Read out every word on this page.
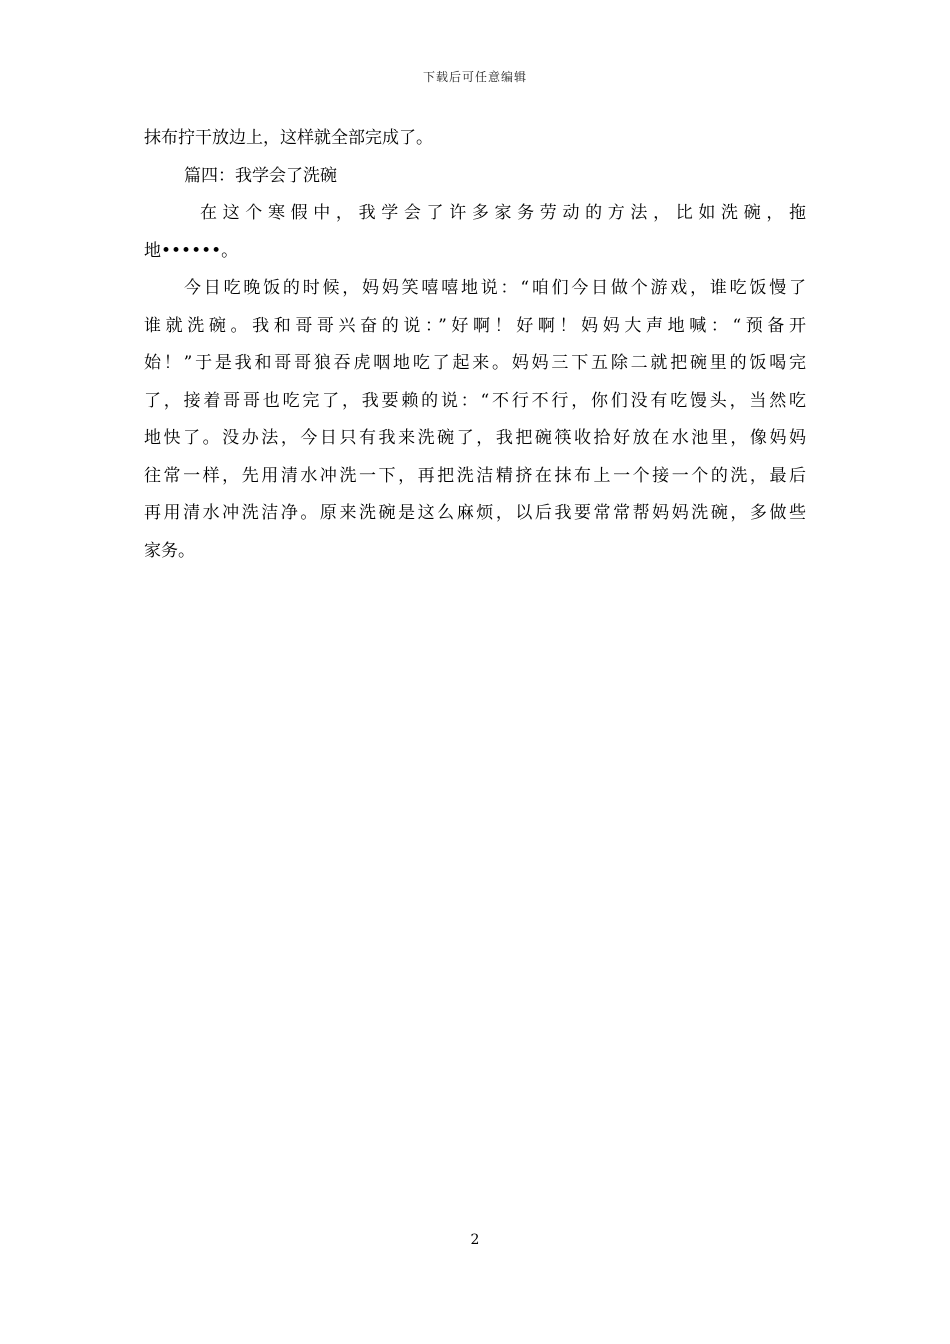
下载后可任意编辑
抹布拧干放边上，这样就全部完成了。
篇四：我学会了洗碗
在这个寒假中，我学会了许多家务劳动的方法，比如洗碗，拖
地••••••。
今日吃晚饭的时候，妈妈笑嘻嘻地说：“咱们今日做个游戏，谁吃饭慢了
谁就洗碗。我和哥哥兴奋的说：”好啊！好啊！妈妈大声地喊：“预备开
始！”于是我和哥哥狼吞虎咽地吃了起来。妈妈三下五除二就把碗里的饭喝完
了，接着哥哥也吃完了，我要赖的说：“不行不行，你们没有吃馒头，当然吃
地快了。没办法，今日只有我来洗碗了，我把碗筷收拾好放在水池里，像妈妈
往常一样，先用清水冲洗一下，再把洗洁精挤在抹布上一个接一个的洗，最后
再用清水冲洗洁净。原来洗碗是这么麻烦，以后我要常常帮妈妈洗碗，多做些
家务。
2
